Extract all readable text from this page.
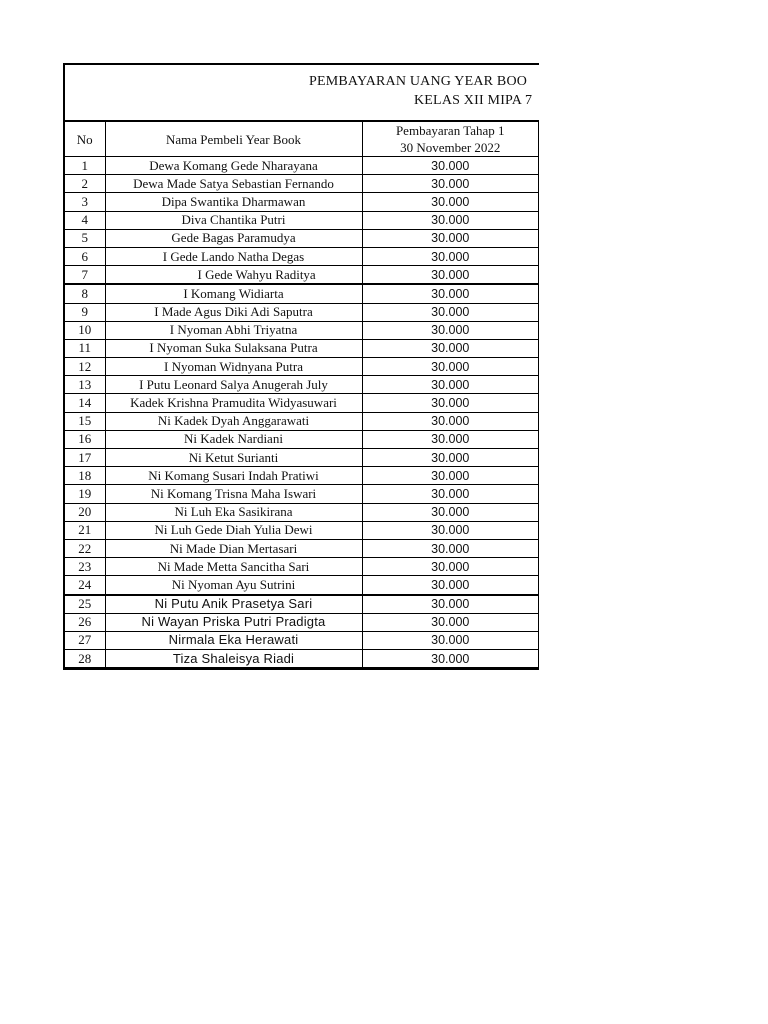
PEMBAYARAN UANG YEAR BOO
KELAS XII MIPA 7
No	Nama Pembeli Year Book	Pembayaran Tahap 1
30 November 2022
1	Dewa Komang Gede Nharayana	30.000
2	Dewa Made Satya Sebastian Fernando	30.000
3	Dipa Swantika Dharmawan	30.000
4	Diva Chantika Putri	30.000
5	Gede Bagas Paramudya	30.000
6	I Gede Lando Natha Degas	30.000
7	I Gede Wahyu Raditya	30.000
8	I Komang Widiarta	30.000
9	I Made Agus Diki Adi Saputra	30.000
10	I Nyoman Abhi Triyatna	30.000
11	I Nyoman Suka Sulaksana Putra	30.000
12	I Nyoman Widnyana Putra	30.000
13	I Putu Leonard Salya Anugerah July	30.000
14	Kadek Krishna Pramudita Widyasuwari	30.000
15	Ni Kadek Dyah Anggarawati	30.000
16	Ni Kadek Nardiani	30.000
17	Ni Ketut Surianti	30.000
18	Ni Komang Susari Indah Pratiwi	30.000
19	Ni Komang Trisna Maha Iswari	30.000
20	Ni Luh Eka Sasikirana	30.000
21	Ni Luh Gede Diah Yulia Dewi	30.000
22	Ni Made Dian Mertasari	30.000
23	Ni Made Metta Sancitha Sari	30.000
24	Ni Nyoman Ayu Sutrini	30.000
25	Ni Putu Anik Prasetya Sari	30.000
26	Ni Wayan Priska Putri Pradigta	30.000
27	Nirmala Eka Herawati	30.000
28	Tiza Shaleisya Riadi	30.000
